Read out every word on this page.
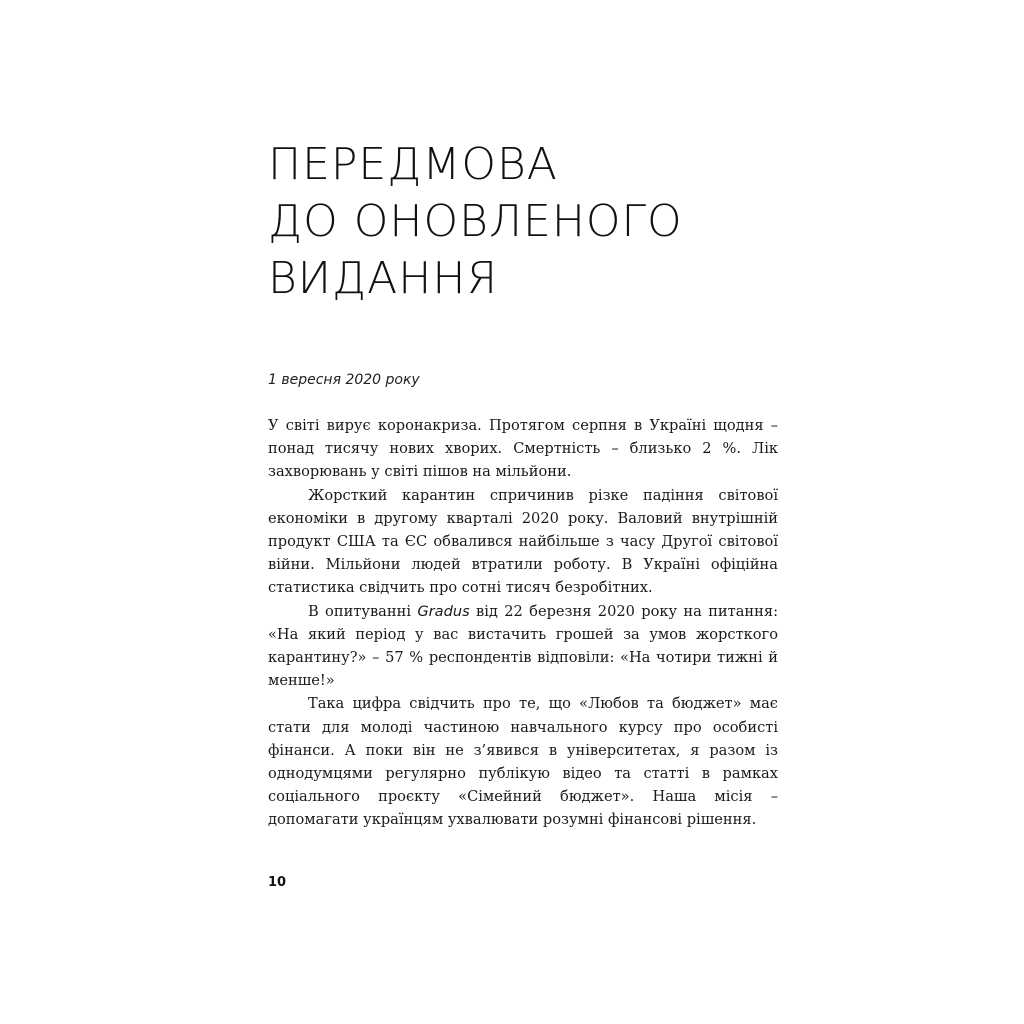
ПЕРЕДМОВА
ДО ОНОВЛЕНОГО
ВИДАННЯ
1 вересня 2020 року

У світі вирує коронакриза. Протягом серпня в Україні щодня – понад тисячу нових хворих. Смертність – близько 2 %. Лік захворювань у світі пішов на мільйони.

Жорсткий карантин спричинив різке падіння світової економіки в другому кварталі 2020 року. Валовий внутрішній продукт США та ЄС обвалився найбільше з часу Другої світової війни. Мільйони людей втратили роботу. В Україні офіційна статистика свідчить про сотні тисяч безробітних.

В опитуванні Gradus від 22 березня 2020 року на питання: «На який період у вас вистачить грошей за умов жорсткого карантину?» – 57 % респондентів відповіли: «На чотири тижні й менше!»

Така цифра свідчить про те, що «Любов та бюджет» має стати для молоді частиною навчального курсу про особисті фінанси. А поки він не з’явився в університетах, я разом із однодумцями регулярно публікую відео та статті в рамках соціального проєкту «Сімейний бюджет». Наша місія – допомагати українцям ухвалювати розумні фінансові рішення.

10
